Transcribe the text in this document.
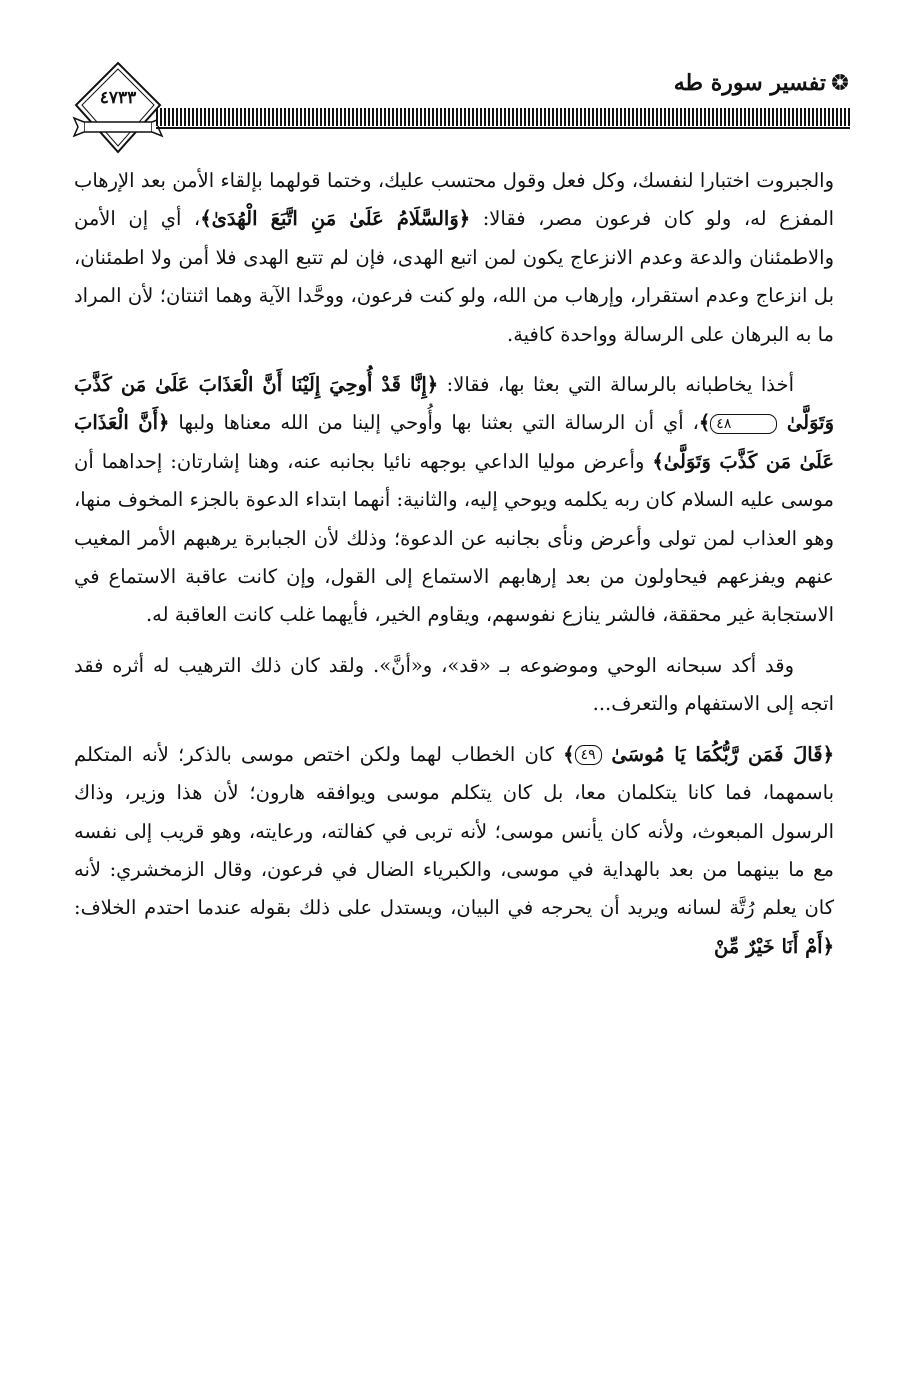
٤٧٣٣
تفسير سورة طه

والجبروت اختبارا لنفسك، وكل فعل وقول محتسب عليك، وختما قولهما بإلقاء الأمن بعد الإرهاب المفزع له، ولو كان فرعون مصر، فقالا: ﴿وَالسَّلَامُ عَلَىٰ مَنِ اتَّبَعَ الْهُدَىٰ﴾، أي إن الأمن والاطمئنان والدعة وعدم الانزعاج يكون لمن اتبع الهدى، فإن لم تتبع الهدى فلا أمن ولا اطمئنان، بل انزعاج وعدم استقرار، وإرهاب من الله، ولو كنت فرعون، ووحَّدا الآية وهما اثنتان؛ لأن المراد ما به البرهان على الرسالة وواحدة كافية.

أخذا يخاطبانه بالرسالة التي بعثا بها، فقالا: ﴿إِنَّا قَدْ أُوحِيَ إِلَيْنَا أَنَّ الْعَذَابَ عَلَىٰ مَن كَذَّبَ وَتَوَلَّىٰ ٤٨﴾، أي أن الرسالة التي بعثنا بها وأُوحي إلينا من الله معناها ولبها ﴿أَنَّ الْعَذَابَ عَلَىٰ مَن كَذَّبَ وَتَوَلَّىٰ﴾ وأعرض موليا الداعي بوجهه نائيا بجانبه عنه، وهنا إشارتان: إحداهما أن موسى عليه السلام كان ربه يكلمه ويوحي إليه، والثانية: أنهما ابتداء الدعوة بالجزء المخوف منها، وهو العذاب لمن تولى وأعرض ونأى بجانبه عن الدعوة؛ وذلك لأن الجبابرة يرهبهم الأمر المغيب عنهم ويفزعهم فيحاولون من بعد إرهابهم الاستماع إلى القول، وإن كانت عاقبة الاستماع في الاستجابة غير محققة، فالشر ينازع نفوسهم، ويقاوم الخير، فأيهما غلب كانت العاقبة له.

وقد أكد سبحانه الوحي وموضوعه بـ «قد»، و«أنَّ». ولقد كان ذلك الترهيب له أثره فقد اتجه إلى الاستفهام والتعرف...

﴿قَالَ فَمَن رَّبُّكُمَا يَا مُوسَىٰ ٤٩﴾ كان الخطاب لهما ولكن اختص موسى بالذكر؛ لأنه المتكلم باسمهما، فما كانا يتكلمان معا، بل كان يتكلم موسى ويوافقه هارون؛ لأن هذا وزير، وذاك الرسول المبعوث، ولأنه كان يأنس موسى؛ لأنه تربى في كفالته، ورعايته، وهو قريب إلى نفسه مع ما بينهما من بعد بالهداية في موسى، والكبرياء الضال في فرعون، وقال الزمخشري: لأنه كان يعلم رُتَّة لسانه ويريد أن يحرجه في البيان، ويستدل على ذلك بقوله عندما احتدم الخلاف: ﴿أَمْ أَنَا خَيْرٌ مِّنْ
